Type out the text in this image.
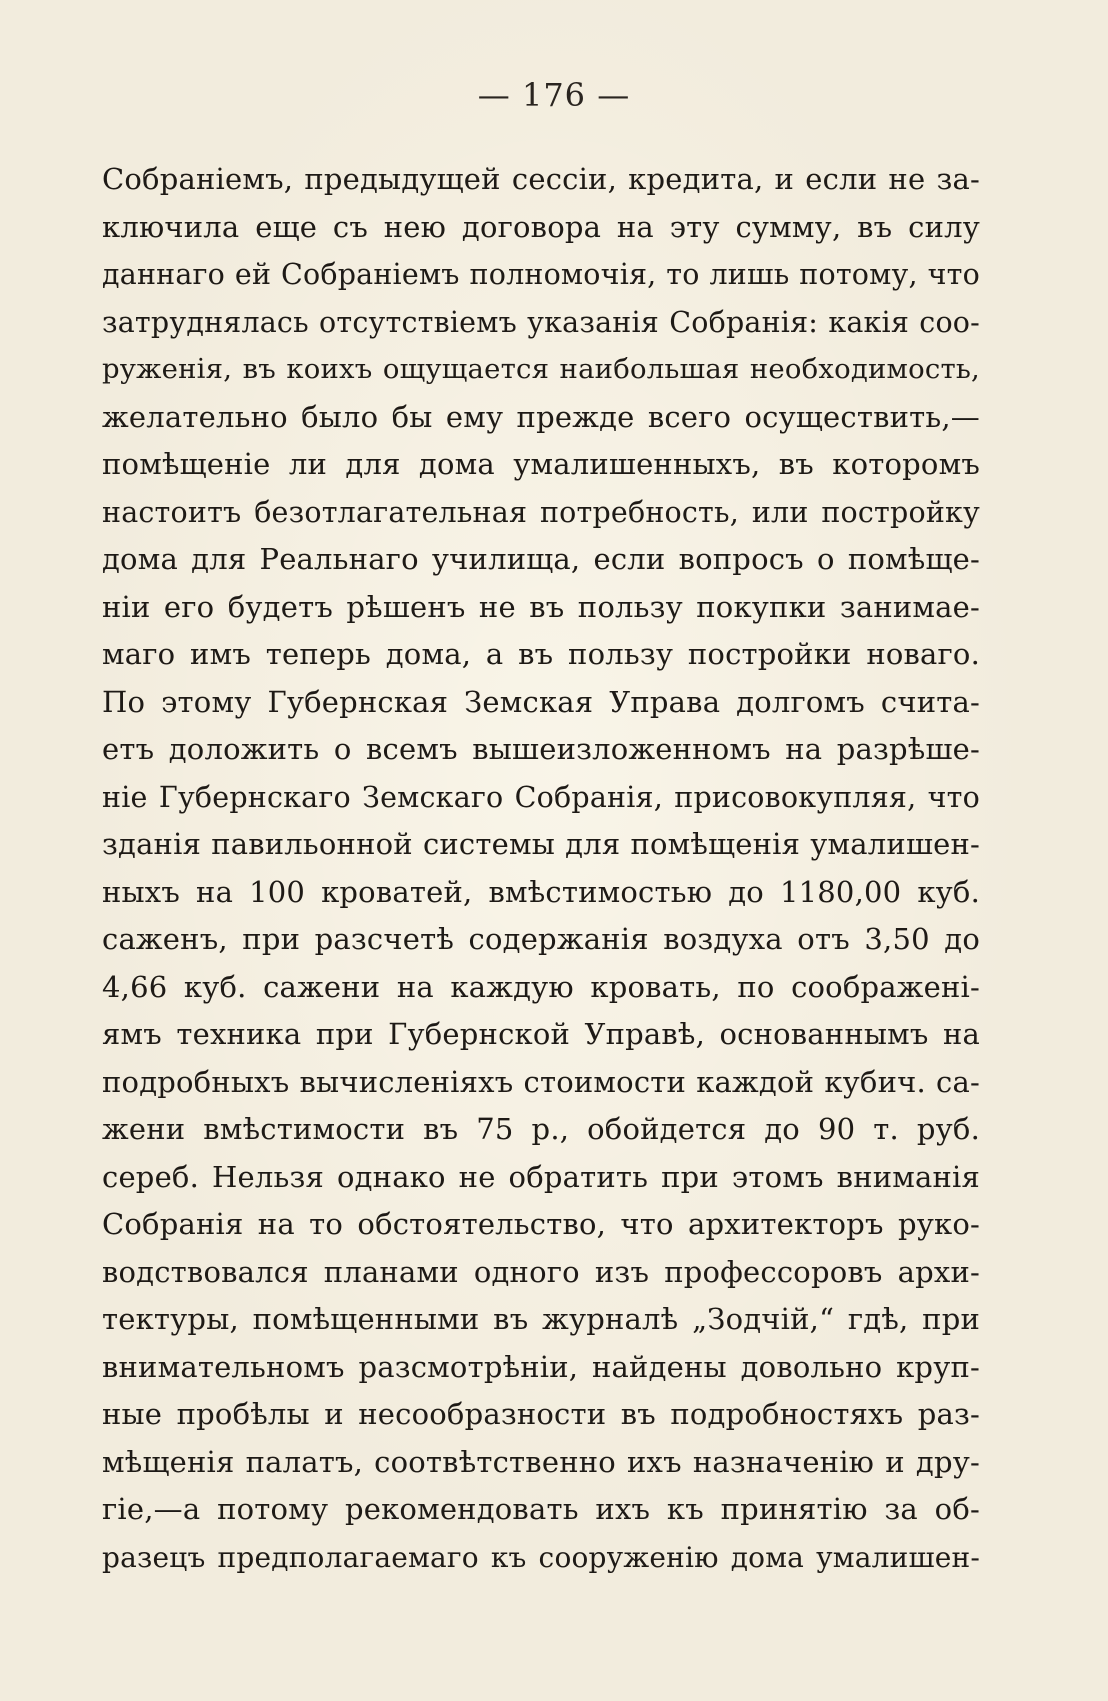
— 176 —
Собраніемъ, предыдущей сессіи, кредита, и если не за-
ключила еще съ нею договора на эту сумму, въ силу
даннаго ей Собраніемъ полномочія, то лишь потому, что
затруднялась отсутствіемъ указанія Собранія: какія соо-
руженія, въ коихъ ощущается наибольшая необходимость,
желательно было бы ему прежде всего осуществить,—
помѣщеніе ли для дома умалишенныхъ, въ которомъ
настоитъ безотлагательная потребность, или постройку
дома для Реальнаго училища, если вопросъ о помѣще-
ніи его будетъ рѣшенъ не въ пользу покупки занимае-
маго имъ теперь дома, а въ пользу постройки новаго.
По этому Губернская Земская Управа долгомъ счита-
етъ доложить о всемъ вышеизложенномъ на разрѣше-
ніе Губернскаго Земскаго Собранія, присовокупляя, что
зданія павильонной системы для помѣщенія умалишен-
ныхъ на 100 кроватей, вмѣстимостью до 1180,00 куб.
саженъ, при разсчетѣ содержанія воздуха отъ 3,50 до
4,66 куб. сажени на каждую кровать, по соображені-
ямъ техника при Губернской Управѣ, основаннымъ на
подробныхъ вычисленіяхъ стоимости каждой кубич. са-
жени вмѣстимости въ 75 р., обойдется до 90 т. руб.
сереб. Нельзя однако не обратить при этомъ вниманія
Собранія на то обстоятельство, что архитекторъ руко-
водствовался планами одного изъ профессоровъ архи-
тектуры, помѣщенными въ журналѣ „Зодчій,“ гдѣ, при
внимательномъ разсмотрѣніи, найдены довольно круп-
ные пробѣлы и несообразности въ подробностяхъ раз-
мѣщенія палатъ, соотвѣтственно ихъ назначенію и дру-
гіе,—а потому рекомендовать ихъ къ принятію за об-
разецъ предполагаемаго къ сооруженію дома умалишен-
